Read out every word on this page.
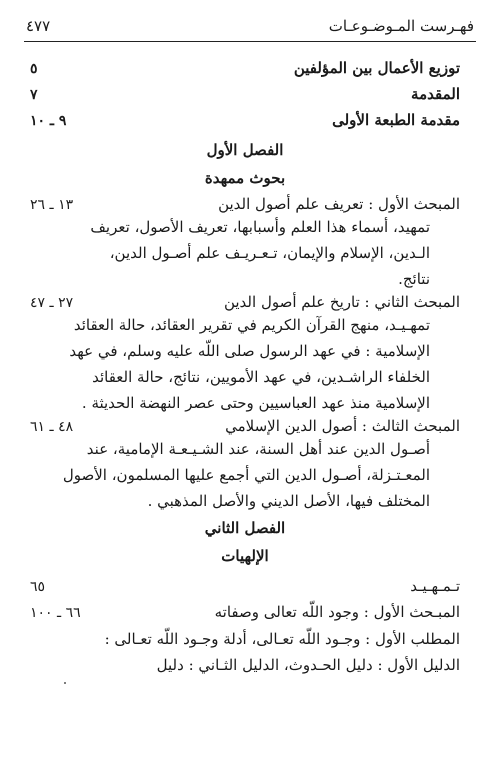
فهـرست المـوضـوعـات
٤٧٧
توزيع الأعمال بين المؤلفين
٥
المقدمة
٧
مقدمة الطبعة الأولى
٩ ـ ١٠
الفصل الأول
بحوث ممهدة
المبحث الأول : تعريف علم أصول الدين
١٣ ـ ٢٦
تمهيد، أسماء هذا العلم وأسبابها، تعريف الأصول، تعريف
الـدين، الإسلام والإيمان، تـعـريـف علم أصـول الدين،
نتائج.
المبحث الثاني : تاريخ علم أصول الدين
٢٧ ـ ٤٧
تمهـيـد، منهج القرآن الكريم في تقرير العقائد، حالة العقائد
الإسلامية : في عهد الرسول صلى اللّه عليه وسلم، في عهد
الخلفاء الراشـدين، في عهد الأمويين، نتائج، حالة العقائد
الإسلامية منذ عهد العباسيين وحتى عصر النهضة الحديثة .
المبحث الثالث : أصول الدين الإسلامي
٤٨ ـ ٦١
أصـول الدين عند أهل السنة، عند الشـيـعـة الإمامية، عند
المعـتـزلة، أصـول الدين التي أجمع عليها المسلمون، الأصول
المختلف فيها، الأصل الديني والأصل المذهبي .
الفصل الثاني
الإلهيات
تـمـهـيـد
٦٥
المبـحث الأول : وجود اللّه تعالى وصفاته
٦٦ ـ ١٠٠
المطلب الأول : وجـود اللّه تعـالى، أدلة وجـود اللّه تعـالى :
الدليل الأول : دليل الحـدوث، الدليل الثـاني : دليل
